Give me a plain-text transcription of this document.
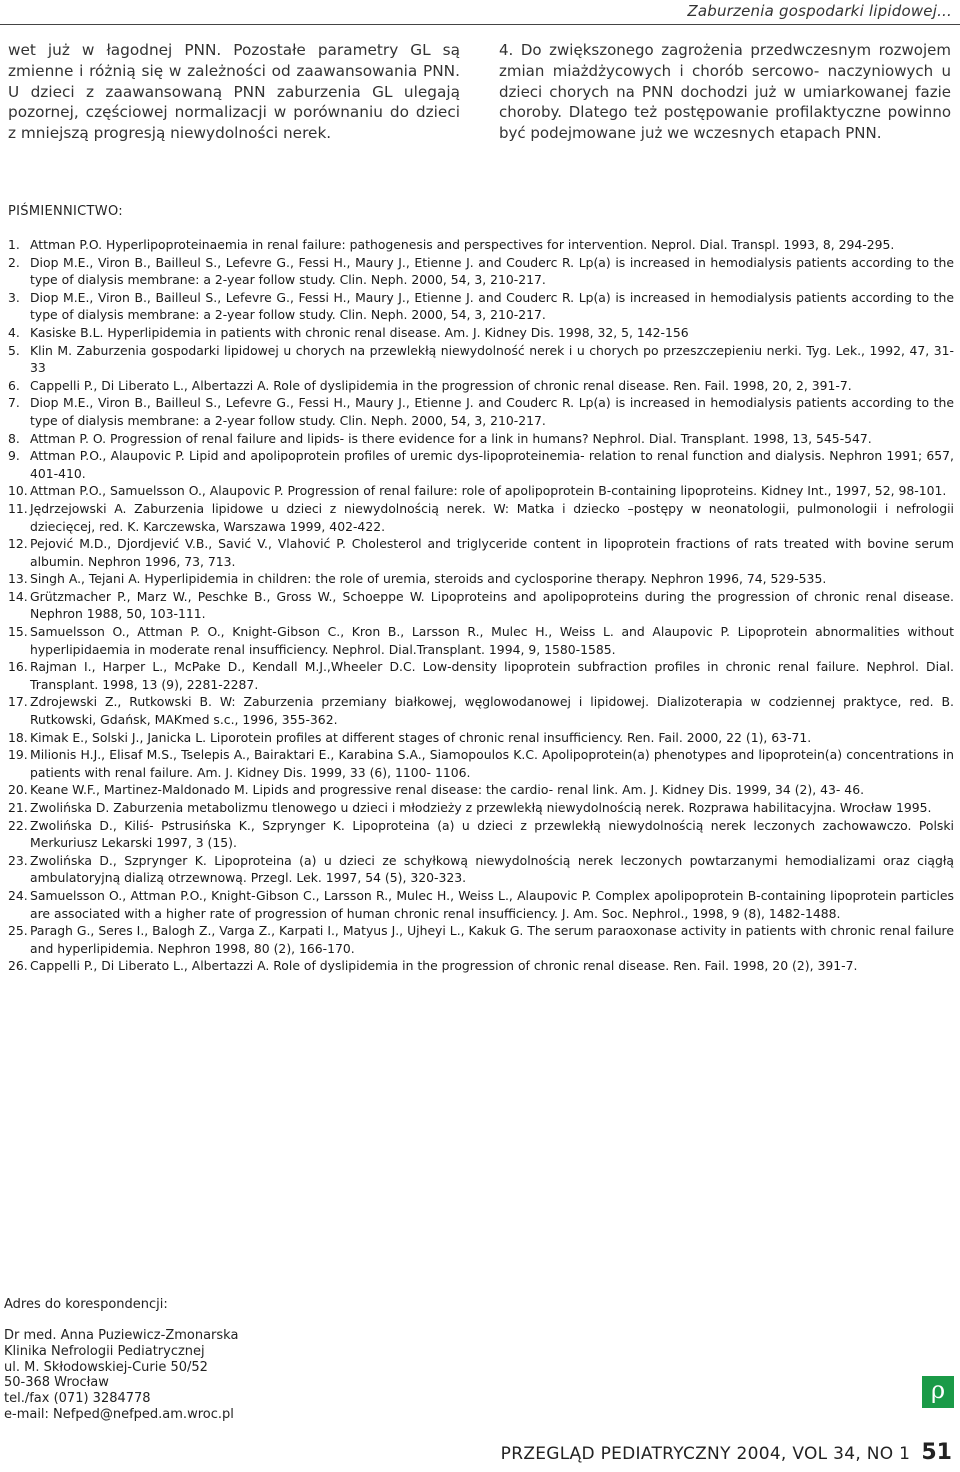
Zaburzenia gospodarki lipidowej...
wet już w łagodnej PNN. Pozostałe parametry GL są zmienne i różnią się w zależności od zaawansowania PNN. U dzieci z zaawansowaną PNN zaburzenia GL ulegają pozornej, częściowej normalizacji w porównaniu do dzieci z mniejszą progresją niewydolności nerek.
4. Do zwiększonego zagrożenia przedwczesnym rozwojem zmian miażdżycowych i chorób sercowo- naczyniowych u dzieci chorych na PNN dochodzi już w umiarkowanej fazie choroby. Dlatego też postępowanie profilaktyczne powinno być podejmowane już we wczesnych etapach PNN.
PIŚMIENNICTWO:
1. Attman P.O. Hyperlipoproteinaemia in renal failure: pathogenesis and perspectives for intervention. Neprol. Dial. Transpl. 1993, 8, 294-295.
2. Diop M.E., Viron B., Bailleul S., Lefevre G., Fessi H., Maury J., Etienne J. and Couderc R. Lp(a) is increased in hemodialysis patients according to the type of dialysis membrane: a 2-year follow study. Clin. Neph. 2000, 54, 3, 210-217.
3. Diop M.E., Viron B., Bailleul S., Lefevre G., Fessi H., Maury J., Etienne J. and Couderc R. Lp(a) is increased in hemodialysis patients according to the type of dialysis membrane: a 2-year follow study. Clin. Neph. 2000, 54, 3, 210-217.
4. Kasiske B.L. Hyperlipidemia in patients with chronic renal disease. Am. J. Kidney Dis. 1998, 32, 5, 142-156
5. Klin M. Zaburzenia gospodarki lipidowej u chorych na przewlekłą niewydolność nerek i u chorych po przeszczepieniu nerki. Tyg. Lek., 1992, 47, 31-33
6. Cappelli P., Di Liberato L., Albertazzi A. Role of dyslipidemia in the progression of chronic renal disease. Ren. Fail. 1998, 20, 2, 391-7.
7. Diop M.E., Viron B., Bailleul S., Lefevre G., Fessi H., Maury J., Etienne J. and Couderc R. Lp(a) is increased in hemodialysis patients according to the type of dialysis membrane: a 2-year follow study. Clin. Neph. 2000, 54, 3, 210-217.
8. Attman P. O. Progression of renal failure and lipids- is there evidence for a link in humans? Nephrol. Dial. Transplant. 1998, 13, 545-547.
9. Attman P.O., Alaupovic P. Lipid and apolipoprotein profiles of uremic dys-lipoproteinemia- relation to renal function and dialysis. Nephron 1991; 657, 401-410.
10. Attman P.O., Samuelsson O., Alaupovic P. Progression of renal failure: role of apolipoprotein B-containing lipoproteins. Kidney Int., 1997, 52, 98-101.
11. Jędrzejowski A. Zaburzenia lipidowe u dzieci z niewydolnością nerek. W: Matka i dziecko –postępy w neonatologii, pulmonologii i nefrologii dziecięcej, red. K. Karczewska, Warszawa 1999, 402-422.
12. Pejović M.D., Djordjević V.B., Savić V., Vlahović P. Cholesterol and triglyceride content in lipoprotein fractions of rats treated with bovine serum albumin. Nephron 1996, 73, 713.
13. Singh A., Tejani A. Hyperlipidemia in children: the role of uremia, steroids and cyclosporine therapy. Nephron 1996, 74, 529-535.
14. Grützmacher P., Marz W., Peschke B., Gross W., Schoeppe W. Lipoproteins and apolipoproteins during the progression of chronic renal disease. Nephron 1988, 50, 103-111.
15. Samuelsson O., Attman P. O., Knight-Gibson C., Kron B., Larsson R., Mulec H., Weiss L. and Alaupovic P. Lipoprotein abnormalities without hyperlipidaemia in moderate renal insufficiency. Nephrol. Dial.Transplant. 1994, 9, 1580-1585.
16. Rajman I., Harper L., McPake D., Kendall M.J.,Wheeler D.C. Low-density lipoprotein subfraction profiles in chronic renal failure. Nephrol. Dial. Transplant. 1998, 13 (9), 2281-2287.
17. Zdrojewski Z., Rutkowski B. W: Zaburzenia przemiany białkowej, węglowodanowej i lipidowej. Dializoterapia w codziennej praktyce, red. B. Rutkowski, Gdańsk, MAKmed s.c., 1996, 355-362.
18. Kimak E., Solski J., Janicka L. Liporotein profiles at different stages of chronic renal insufficiency. Ren. Fail. 2000, 22 (1), 63-71.
19. Milionis H.J., Elisaf M.S., Tselepis A., Bairaktari E., Karabina S.A., Siamopoulos K.C. Apolipoprotein(a) phenotypes and lipoprotein(a) concentrations in patients with renal failure. Am. J. Kidney Dis. 1999, 33 (6), 1100- 1106.
20. Keane W.F., Martinez-Maldonado M. Lipids and progressive renal disease: the cardio- renal link. Am. J. Kidney Dis. 1999, 34 (2), 43- 46.
21. Zwolińska D. Zaburzenia metabolizmu tlenowego u dzieci i młodzieży z przewlekłą niewydolnością nerek. Rozprawa habilitacyjna. Wrocław 1995.
22. Zwolińska D., Kiliś- Pstrusińska K., Szprynger K. Lipoproteina (a) u dzieci z przewlekłą niewydolnością nerek leczonych zachowawczo. Polski Merkuriusz Lekarski 1997, 3 (15).
23. Zwolińska D., Szprynger K. Lipoproteina (a) u dzieci ze schyłkową niewydolnością nerek leczonych powtarzanymi hemodializami oraz ciągłą ambulatoryjną dializą otrzewnową. Przegl. Lek. 1997, 54 (5), 320-323.
24. Samuelsson O., Attman P.O., Knight-Gibson C., Larsson R., Mulec H., Weiss L., Alaupovic P. Complex apolipoprotein B-containing lipoprotein particles are associated with a higher rate of progression of human chronic renal insufficiency. J. Am. Soc. Nephrol., 1998, 9 (8), 1482-1488.
25. Paragh G., Seres I., Balogh Z., Varga Z., Karpati I., Matyus J., Ujheyi L., Kakuk G. The serum paraoxonase activity in patients with chronic renal failure and hyperlipidemia. Nephron 1998, 80 (2), 166-170.
26. Cappelli P., Di Liberato L., Albertazzi A. Role of dyslipidemia in the progression of chronic renal disease. Ren. Fail. 1998, 20 (2), 391-7.
Adres do korespondencji:
Dr med. Anna Puziewicz-Zmonarska
Klinika Nefrologii Pediatrycznej
ul. M. Skłodowskiej-Curie 50/52
50-368 Wrocław
tel./fax (071) 3284778
e-mail: Nefped@nefped.am.wroc.pl
ρ
PRZEGLĄD PEDIATRYCZNY 2004, VOL 34, NO 1 51
